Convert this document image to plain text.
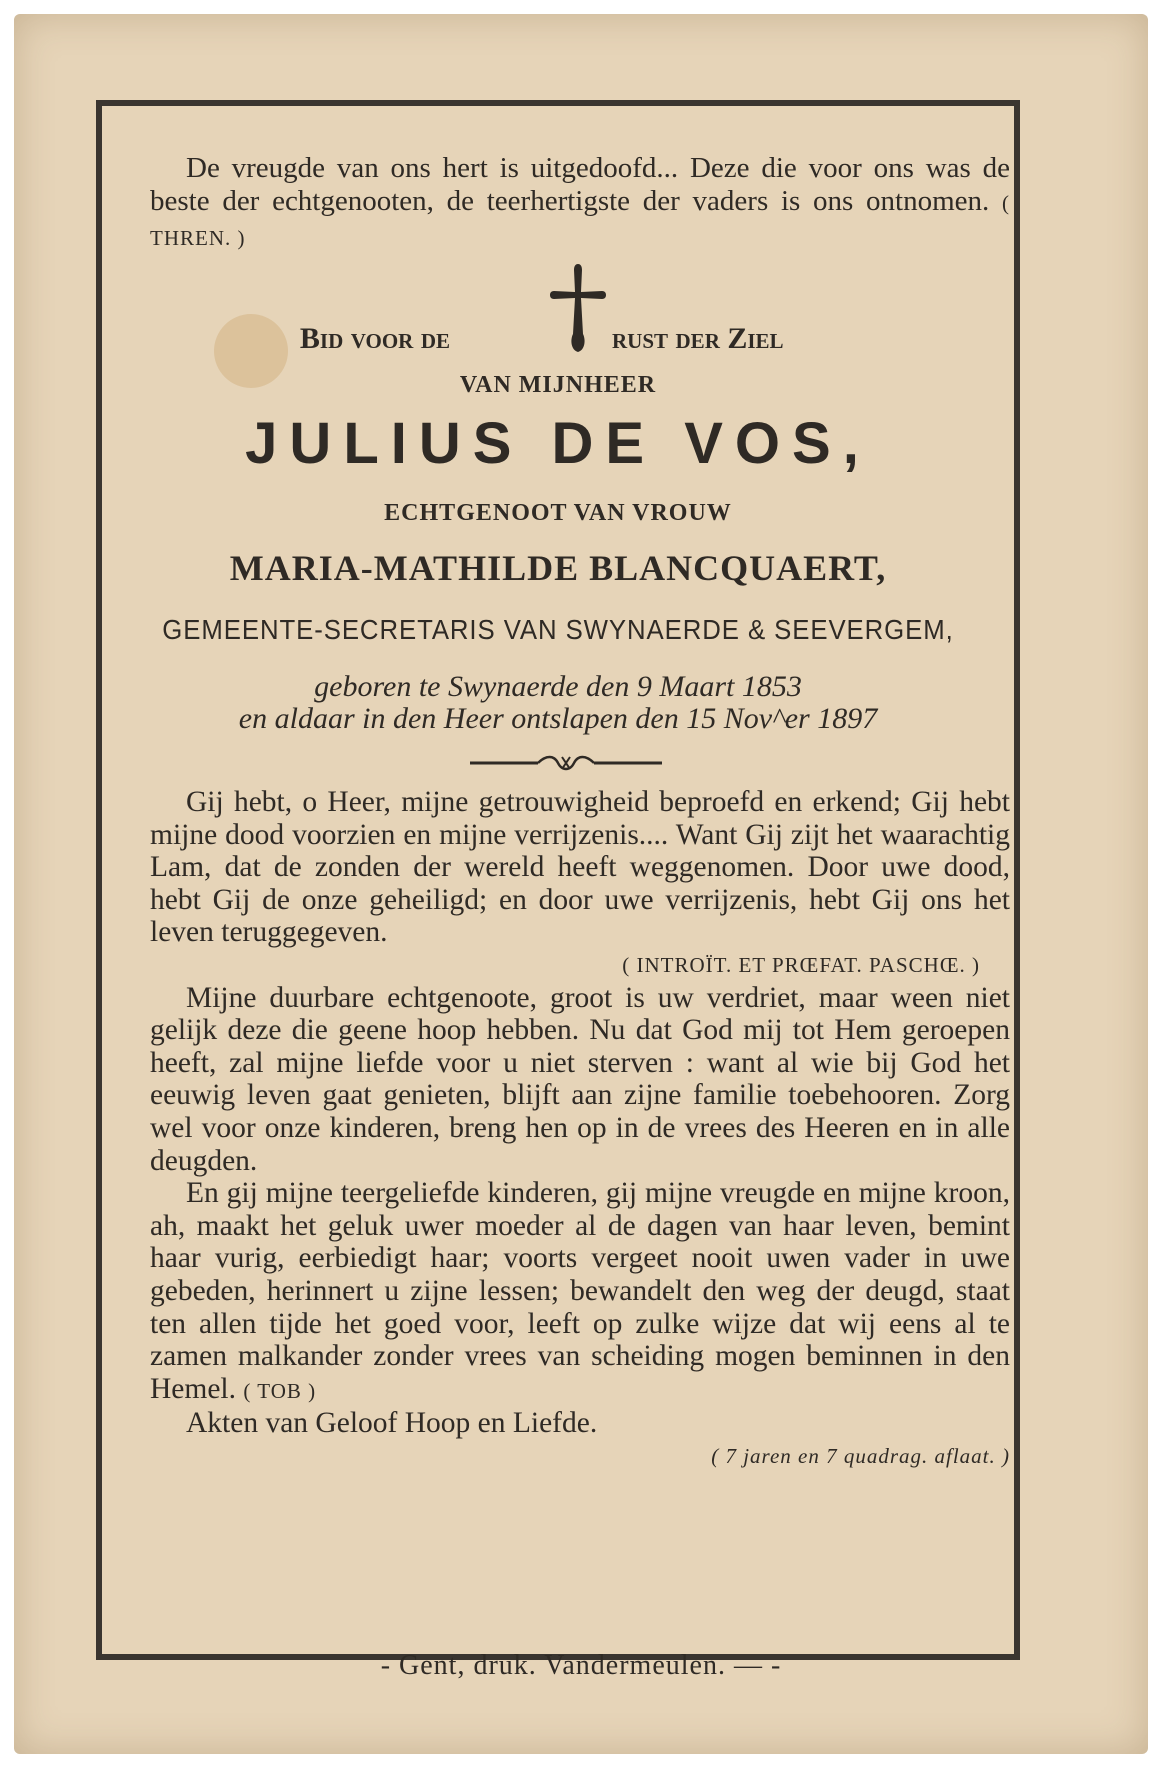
De vreugde van ons hert is uitgedoofd... Deze die voor ons was de beste der echtgenooten, de teerhertigste der vaders is ons ontnomen. ( THREN. )
Bid voor de	rust der Ziel
VAN MIJNHEER
JULIUS DE VOS,
ECHTGENOOT VAN VROUW
MARIA-MATHILDE BLANCQUAERT,
GEMEENTE-SECRETARIS VAN SWYNAERDE & SEEVERGEM,
geboren te Swynaerde den 9 Maart 1853
en aldaar in den Heer ontslapen den 15 Nov^er 1897

Gij hebt, o Heer, mijne getrouwigheid beproefd en erkend; Gij hebt mijne dood voorzien en mijne verrijzenis.... Want Gij zijt het waarachtig Lam, dat de zonden der wereld heeft weggenomen. Door uwe dood, hebt Gij de onze geheiligd; en door uwe verrijzenis, hebt Gij ons het leven teruggegeven.

( INTROÏT. ET PRŒFAT. PASCHŒ. )

Mijne duurbare echtgenoote, groot is uw verdriet, maar ween niet gelijk deze die geene hoop hebben. Nu dat God mij tot Hem geroepen heeft, zal mijne liefde voor u niet sterven : want al wie bij God het eeuwig leven gaat genieten, blijft aan zijne familie toebehooren. Zorg wel voor onze kinderen, breng hen op in de vrees des Heeren en in alle deugden.

En gij mijne teergeliefde kinderen, gij mijne vreugde en mijne kroon, ah, maakt het geluk uwer moeder al de dagen van haar leven, bemint haar vurig, eerbiedigt haar; voorts vergeet nooit uwen vader in uwe gebeden, herinnert u zijne lessen; bewandelt den weg der deugd, staat ten allen tijde het goed voor, leeft op zulke wijze dat wij eens al te zamen malkander zonder vrees van scheiding mogen beminnen in den Hemel. ( TOB )

Akten van Geloof Hoop en Liefde.

( 7 jaren en 7 quadrag. aflaat. )

- Gent, druk. Vandermeulen. — -
